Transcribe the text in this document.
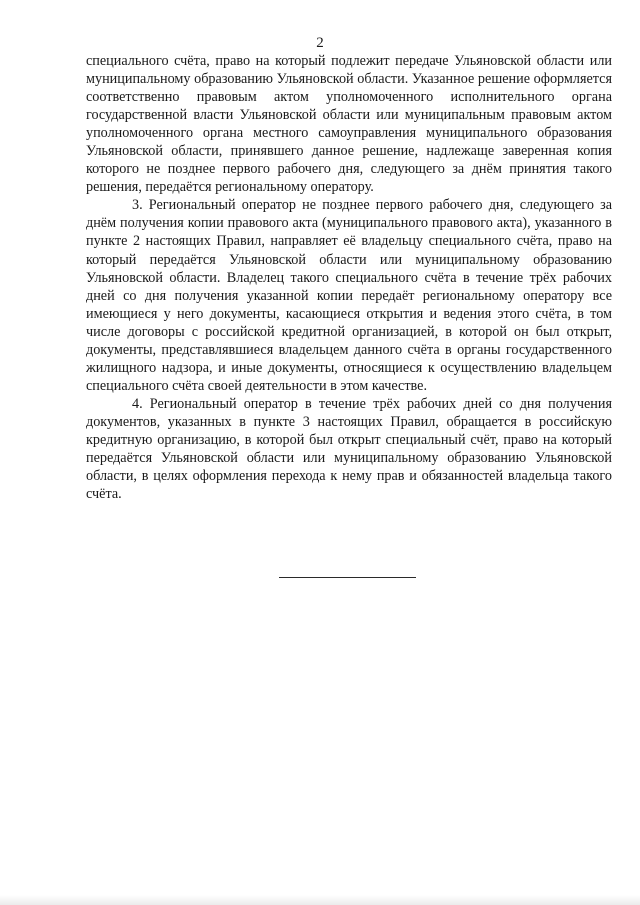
2

специального счёта, право на который подлежит передаче Ульяновской области или муниципальному образованию Ульяновской области. Указанное решение оформляется соответственно правовым актом уполномоченного исполнительного органа государственной власти Ульяновской области или муниципальным правовым актом уполномоченного органа местного самоуправления муниципального образования Ульяновской области, принявшего данное решение, надлежаще заверенная копия которого не позднее первого рабочего дня, следующего за днём принятия такого решения, передаётся региональному оператору.

3. Региональный оператор не позднее первого рабочего дня, следующего за днём получения копии правового акта (муниципального правового акта), указанного в пункте 2 настоящих Правил, направляет её владельцу специального счёта, право на который передаётся Ульяновской области или муниципальному образованию Ульяновской области. Владелец такого специального счёта в течение трёх рабочих дней со дня получения указанной копии передаёт региональному оператору все имеющиеся у него документы, касающиеся открытия и ведения этого счёта, в том числе договоры с российской кредитной организацией, в которой он был открыт, документы, представлявшиеся владельцем данного счёта в органы государственного жилищного надзора, и иные документы, относящиеся к осуществлению владельцем специального счёта своей деятельности в этом качестве.

4. Региональный оператор в течение трёх рабочих дней со дня получения документов, указанных в пункте 3 настоящих Правил, обращается в российскую кредитную организацию, в которой был открыт специальный счёт, право на который передаётся Ульяновской области или муниципальному образованию Ульяновской области, в целях оформления перехода к нему прав и обязанностей владельца такого счёта.
